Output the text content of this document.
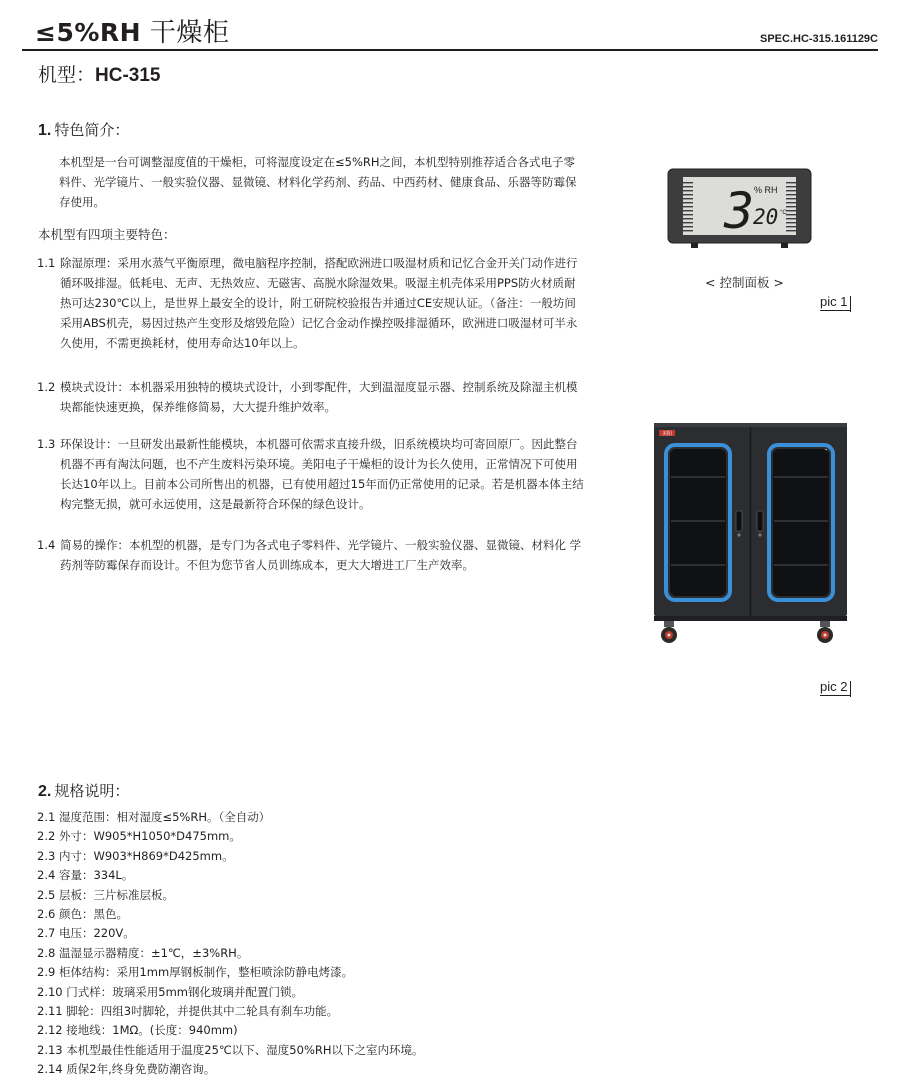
≤5%RH 干燥柜	SPEC.HC-315.161129C
机型：HC-315
1. 特色简介：
本机型是一台可调整湿度值的干燥柜，可将湿度设定在≤5%RH之间，本机型特别推荐适合各式电子零
料件、光学镜片、一般实验仪器、显微镜、材料化学药剂、药品、中西药材、健康食品、乐器等防霉保
存使用。
本机型有四项主要特色：
1.1 除湿原理：采用水蒸气平衡原理，微电脑程序控制，搭配欧洲进口吸湿材质和记忆合金开关门动作进行
循环吸排湿。低耗电、无声、无热效应、无磁害、高脱水除湿效果。吸湿主机壳体采用PPS防火材质耐
热可达230℃以上，是世界上最安全的设计，附工研院校验报告并通过CE安规认证。（备注：一般坊间
采用ABS机壳，易因过热产生变形及熔毁危险）记忆合金动作操控吸排湿循环，欧洲进口吸湿材可半永
久使用，不需更换耗材，使用寿命达10年以上。
1.2 模块式设计：本机器采用独特的模块式设计，小到零配件，大到温湿度显示器、控制系统及除湿主机模
块都能快速更换，保养维修简易，大大提升维护效率。
1.3 环保设计：一旦研发出最新性能模块，本机器可依需求直接升级，旧系统模块均可寄回原厂。因此整台
机器不再有淘汰问题，也不产生废料污染环境。美阳电子干燥柜的设计为长久使用，正常情况下可使用
长达10年以上。目前本公司所售出的机器，已有使用超过15年而仍正常使用的记录。若是机器本体主结
构完整无损，就可永远使用，这是最新符合环保的绿色设计。
1.4 简易的操作：本机型的机器，是专门为各式电子零料件、光学镜片、一般实验仪器、显微镜、材料化 学
药剂等防霉保存而设计。不但为您节省人员训练成本，更大大增进工厂生产效率。
3 % RH
20 °C
< 控制面板 >
pic 1
美阳
pic 2
2. 规格说明：
2.1 湿度范围：相对湿度≤5%RH。（全自动）
2.2 外寸：W905*H1050*D475mm。
2.3 内寸：W903*H869*D425mm。
2.4 容量：334L。
2.5 层板：三片标准层板。
2.6 颜色：黑色。
2.7 电压：220V。
2.8 温湿显示器精度：±1℃，±3%RH。
2.9 柜体结构：采用1mm厚钢板制作，整柜喷涂防静电烤漆。
2.10 门式样：玻璃采用5mm钢化玻璃并配置门锁。
2.11 脚轮：四组3吋脚轮，并提供其中二轮具有刹车功能。
2.12 接地线：1MΩ。(长度：940mm)
2.13 本机型最佳性能适用于温度25℃以下、湿度50%RH以下之室内环境。
2.14 质保2年,终身免费防潮咨询。
